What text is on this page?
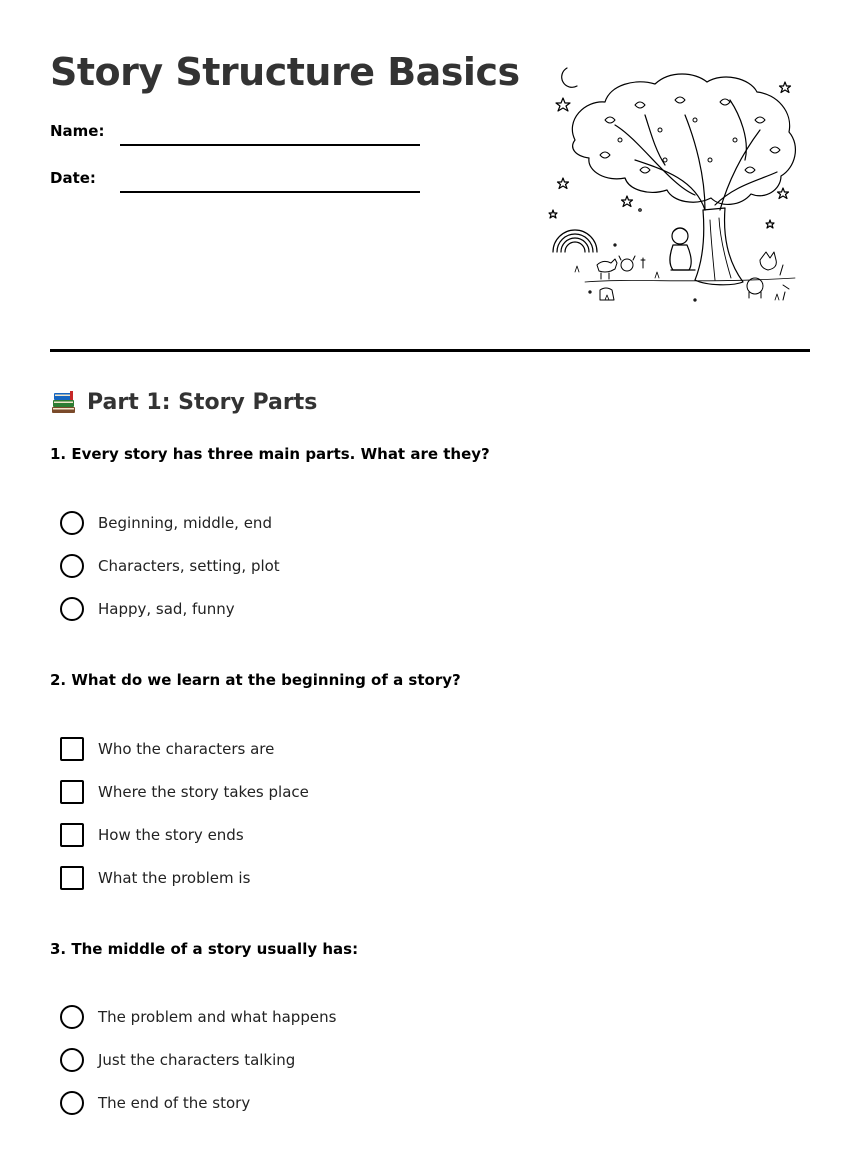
Story Structure Basics
Name:
Date:
Part 1: Story Parts
1. Every story has three main parts. What are they?
Beginning, middle, end
Characters, setting, plot
Happy, sad, funny
2. What do we learn at the beginning of a story?
Who the characters are
Where the story takes place
How the story ends
What the problem is
3. The middle of a story usually has:
The problem and what happens
Just the characters talking
The end of the story
